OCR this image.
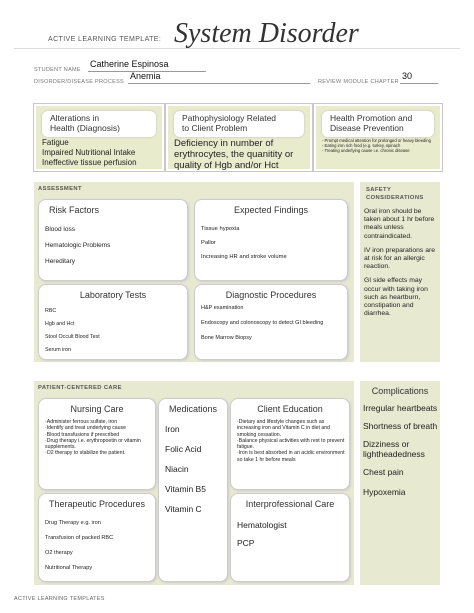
ACTIVE LEARNING TEMPLATE: System Disorder
STUDENT NAME
Catherine Espinosa
DISORDER/DISEASE PROCESS
Anemia
REVIEW MODULE CHAPTER
30
Alterations in
Health (Diagnosis)
Fatigue
Impaired Nutritional Intake
Ineffective tissue perfusion
Pathophysiology Related
to Client Problem
Deficiency in number of
erythrocytes, the quanitity or
quality of Hgb and/or Hct
Health Promotion and
Disease Prevention
- Prompt medical attention for prolonged or heavy bleeding
- Eating iron rich food (e.g. turkey, spinach
- Treating underlying cause i.e. chronic disease
ASSESSMENT
Risk Factors
Blood loss
Hematologic Problems
Hereditary
Expected Findings
Tissue hypoxia
Pallor
Increasing HR and stroke volume
Laboratory Tests
RBC
Hgb and Hct
Stool Occult Blood Test
Serum iron
Diagnostic Procedures
H&P examination
Endoscopy and colonoscopy to detect GI bleeding
Bone Marrow Biopsy
SAFETY
CONSIDERATIONS

Oral iron should be taken about 1 hr before meals unless contraindicated.

IV iron preparations are at risk for an allergic reaction.

GI side effects may occur with taking iron such as heartburn, constipation and diarrhea.

PATIENT-CENTERED CARE
Nursing Care
·Administer ferrous sulfate, iron
·Identify and treat underlying cause
·Blood transfusions if prescribed
·Drug therapy i.e. erythropoetin or vitamin supplements.
·O2 therapy to stabilize the patient.
Medications
Iron
Folic Acid
Niacin
Vitamin B5
Vitamin C
Client Education
·Dietary and lifestyle changes such as increasing iron and Vitamin C in diet and smoking cessation.
·Balance physical activities with rest to prevent fatigue.
·Iron is best absorbed in an acidic environment so take 1 hr before meals
Therapeutic Procedures
Drug Therapy e.g. iron
Transfusion of packed RBC
O2 therapy
Nutritional Therapy
Interprofessional Care
Hematologist
PCP
Complications
Irregular heartbeats
Shortness of breath
Dizziness or lightheadedness
Chest pain
Hypoxemia
ACTIVE LEARNING TEMPLATES
